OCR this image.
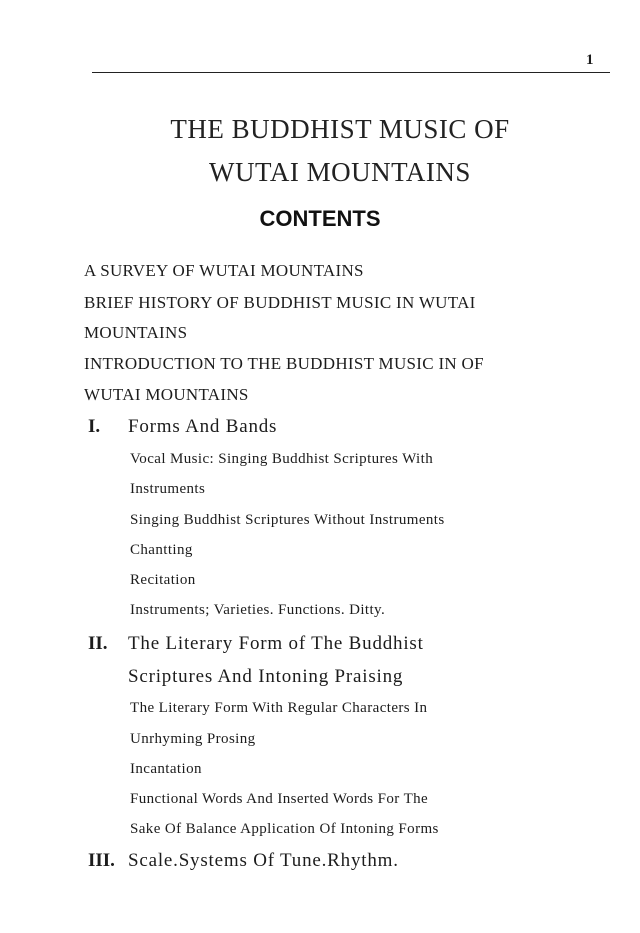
1
THE BUDDHIST MUSIC OF
WUTAI MOUNTAINS
CONTENTS
A SURVEY OF WUTAI MOUNTAINS
BRIEF HISTORY OF BUDDHIST MUSIC IN WUTAI
MOUNTAINS
INTRODUCTION TO THE BUDDHIST MUSIC IN OF
WUTAI MOUNTAINS
I. Forms And Bands
Vocal Music: Singing Buddhist Scriptures With
Instruments
Singing Buddhist Scriptures Without Instruments
Chantting
Recitation
Instruments; Varieties. Functions. Ditty.
II. The Literary Form of The Buddhist
Scriptures And Intoning Praising
The Literary Form With Regular Characters In
Unrhyming Prosing
Incantation
Functional Words And Inserted Words For The
Sake Of Balance Application Of Intoning Forms
III. Scale.Systems Of Tune.Rhythm.
